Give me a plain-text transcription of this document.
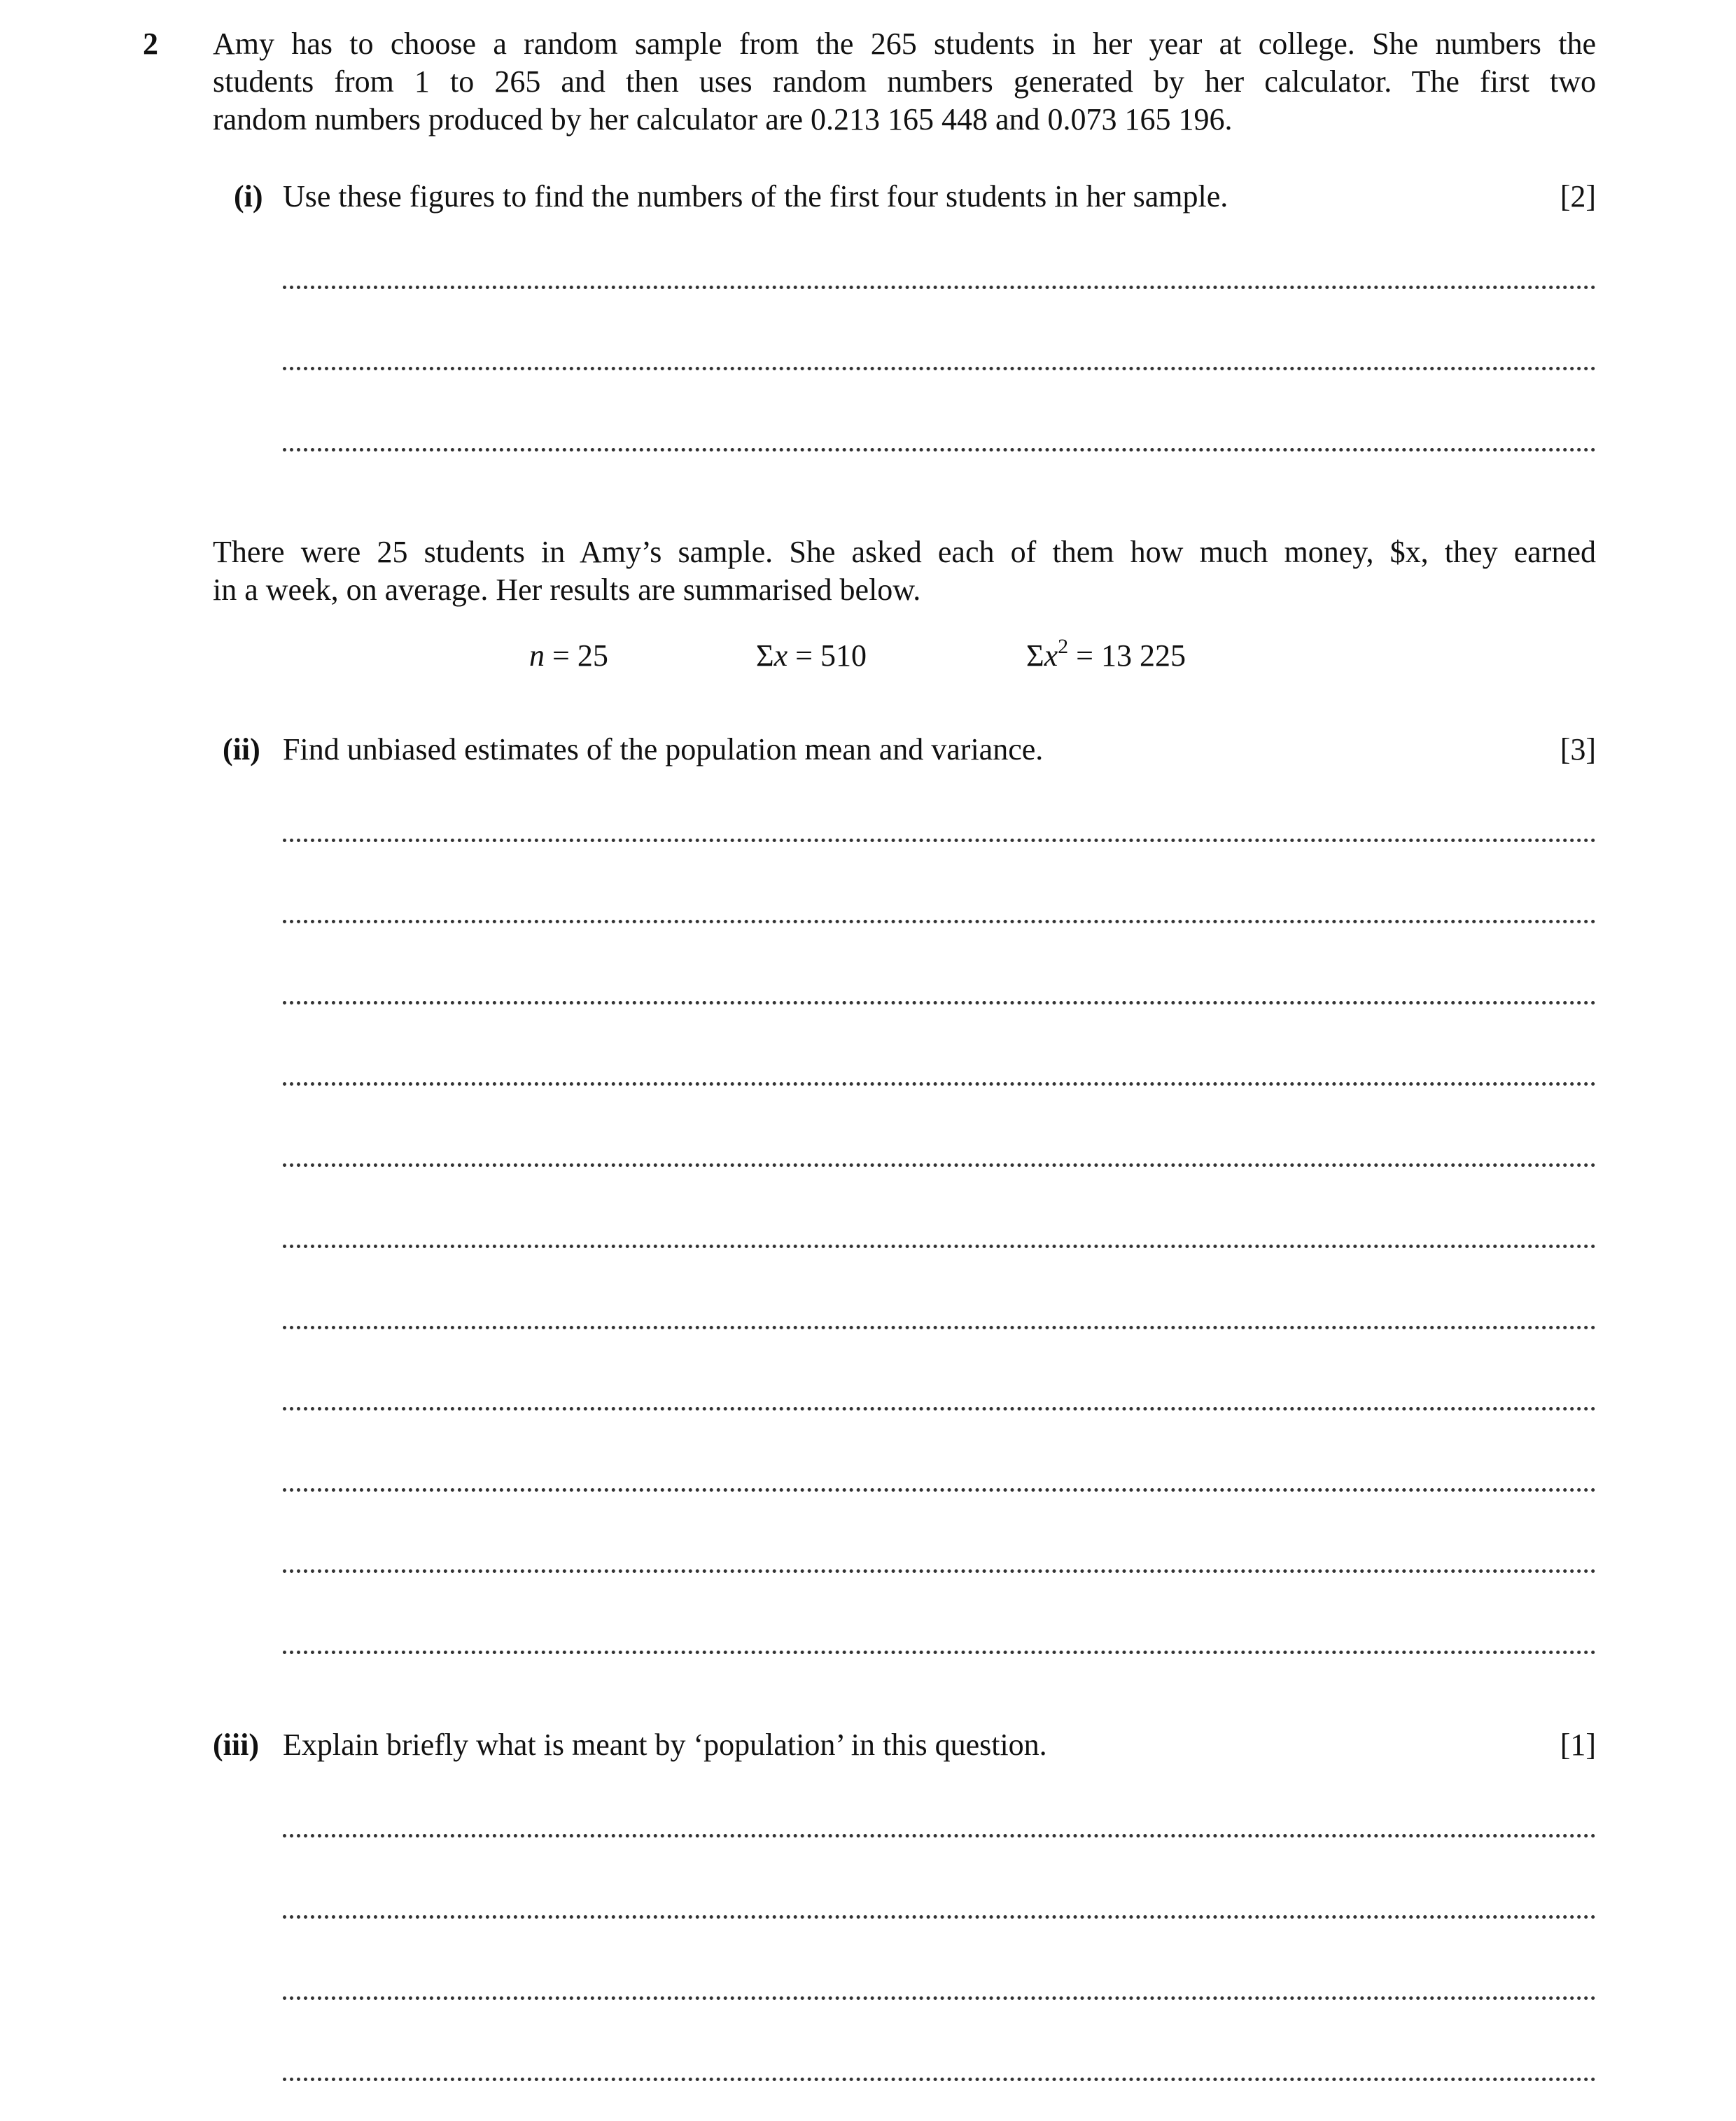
2 Amy has to choose a random sample from the 265 students in her year at college. She numbers the
students from 1 to 265 and then uses random numbers generated by her calculator. The first two
random numbers produced by her calculator are 0.213 165 448 and 0.073 165 196.
(i) Use these figures to find the numbers of the first four students in her sample.	[2]
There were 25 students in Amy’s sample. She asked each of them how much money, $x, they earned
in a week, on average. Her results are summarised below.
n = 25	Σx = 510	$\Sigma x^2 = 13$ 225
(ii) Find unbiased estimates of the population mean and variance.	[3]
(iii) Explain briefly what is meant by ‘population’ in this question.	[1]
